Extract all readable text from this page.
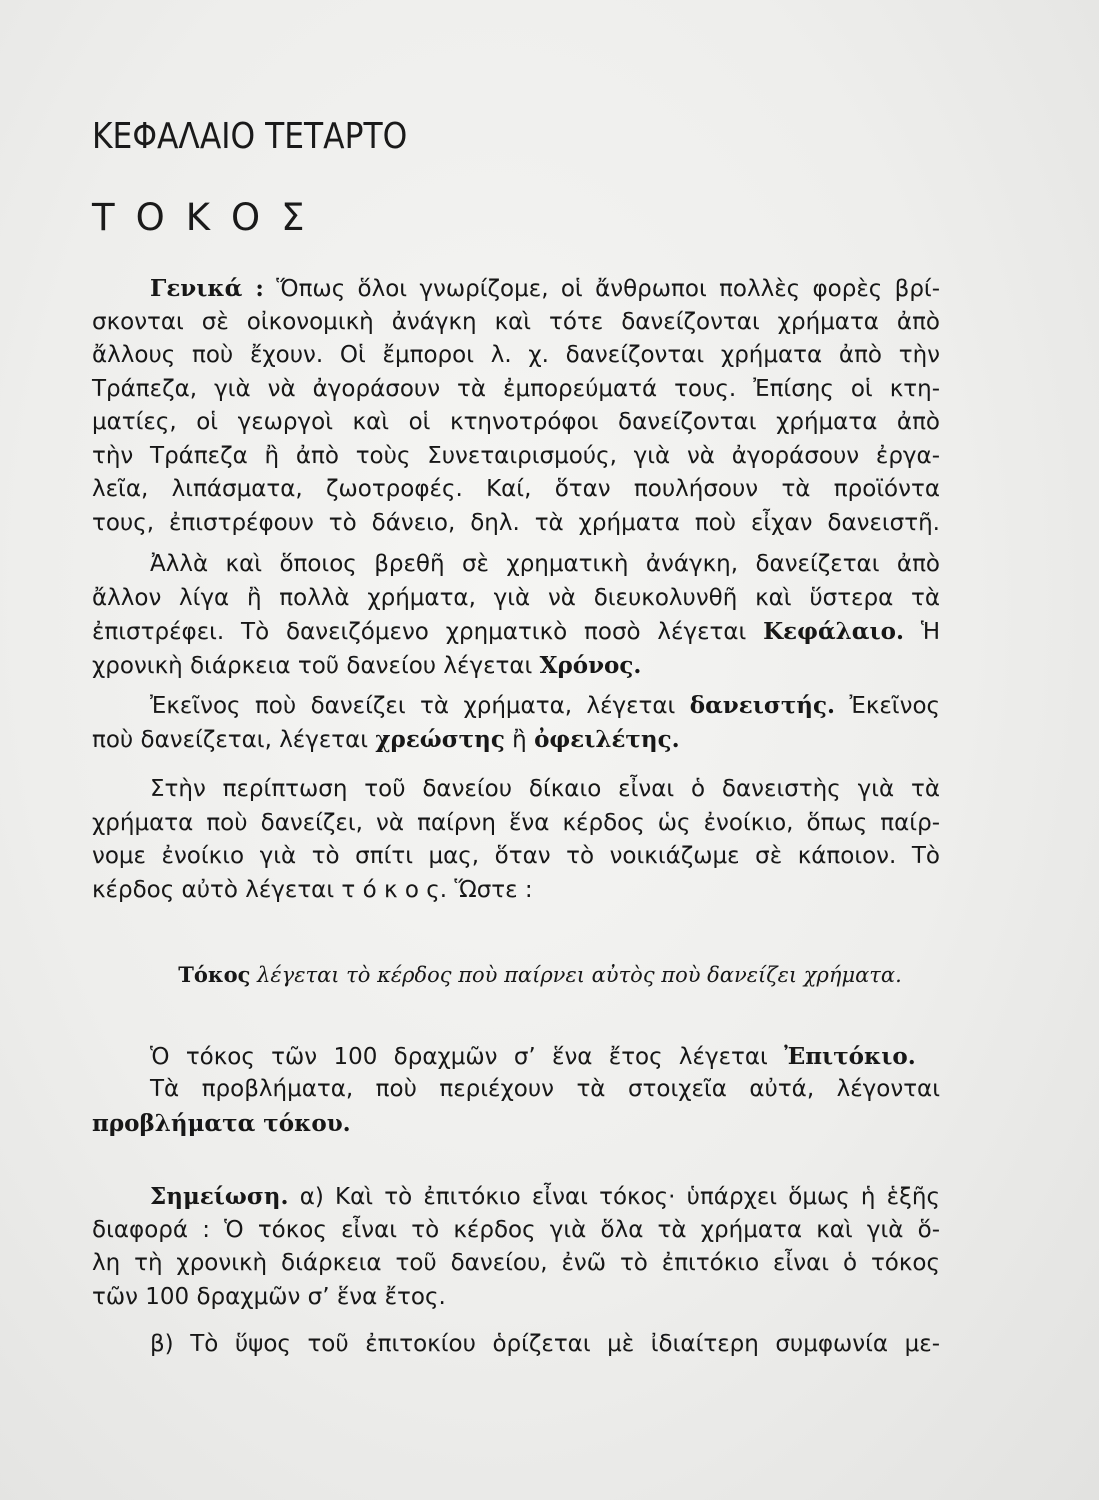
ΚΕΦΑΛΑΙΟ ΤΕΤΑΡΤΟ
ΤΟΚΟΣ
Γενικά : Ὅπως ὅλοι γνωρίζομε, οἱ ἄνθρωποι πολλὲς φορὲς βρί-
σκονται σὲ οἰκονομικὴ ἀνάγκη καὶ τότε δανείζονται χρήματα ἀπὸ
ἄλλους ποὺ ἔχουν. Οἱ ἔμποροι λ. χ. δανείζονται χρήματα ἀπὸ τὴν
Τράπεζα, γιὰ νὰ ἀγοράσουν τὰ ἐμπορεύματά τους. Ἐπίσης οἱ κτη-
ματίες, οἱ γεωργοὶ καὶ οἱ κτηνοτρόφοι δανείζονται χρήματα ἀπὸ
τὴν Τράπεζα ἢ ἀπὸ τοὺς Συνεταιρισμούς, γιὰ νὰ ἀγοράσουν ἐργα-
λεῖα, λιπάσματα, ζωοτροφές. Καί, ὅταν πουλήσουν τὰ προϊόντα
τους, ἐπιστρέφουν τὸ δάνειο, δηλ. τὰ χρήματα ποὺ εἶχαν δανειστῆ.
Ἀλλὰ καὶ ὅποιος βρεθῆ σὲ χρηματικὴ ἀνάγκη, δανείζεται ἀπὸ
ἄλλον λίγα ἢ πολλὰ χρήματα, γιὰ νὰ διευκολυνθῆ καὶ ὕστερα τὰ
ἐπιστρέφει. Τὸ δανειζόμενο χρηματικὸ ποσὸ λέγεται Κεφάλαιο. Ἡ
χρονικὴ διάρκεια τοῦ δανείου λέγεται Χρόνος.
Ἐκεῖνος ποὺ δανείζει τὰ χρήματα, λέγεται δανειστής. Ἐκεῖνος
ποὺ δανείζεται, λέγεται χρεώστης ἢ ὀφειλέτης.
Στὴν περίπτωση τοῦ δανείου δίκαιο εἶναι ὁ δανειστὴς γιὰ τὰ
χρήματα ποὺ δανείζει, νὰ παίρνη ἕνα κέρδος ὡς ἐνοίκιο, ὅπως παίρ-
νομε ἐνοίκιο γιὰ τὸ σπίτι μας, ὅταν τὸ νοικιάζωμε σὲ κάποιον. Τὸ
κέρδος αὐτὸ λέγεται τ ό κ ο ς. Ὥστε :
Τόκος λέγεται τὸ κέρδος ποὺ παίρνει αὐτὸς ποὺ δανείζει χρήματα.
Ὁ τόκος τῶν 100 δραχμῶν σ’ ἕνα ἔτος λέγεται Ἐπιτόκιο.
Τὰ προβλήματα, ποὺ περιέχουν τὰ στοιχεῖα αὐτά, λέγονται
προβλήματα τόκου.
Σημείωση. α) Καὶ τὸ ἐπιτόκιο εἶναι τόκος· ὑπάρχει ὅμως ἡ ἑξῆς
διαφορά : Ὁ τόκος εἶναι τὸ κέρδος γιὰ ὅλα τὰ χρήματα καὶ γιὰ ὅ-
λη τὴ χρονικὴ διάρκεια τοῦ δανείου, ἐνῶ τὸ ἐπιτόκιο εἶναι ὁ τόκος
τῶν 100 δραχμῶν σ’ ἕνα ἔτος.
β) Τὸ ὕψος τοῦ ἐπιτοκίου ὁρίζεται μὲ ἰδιαίτερη συμφωνία με-
